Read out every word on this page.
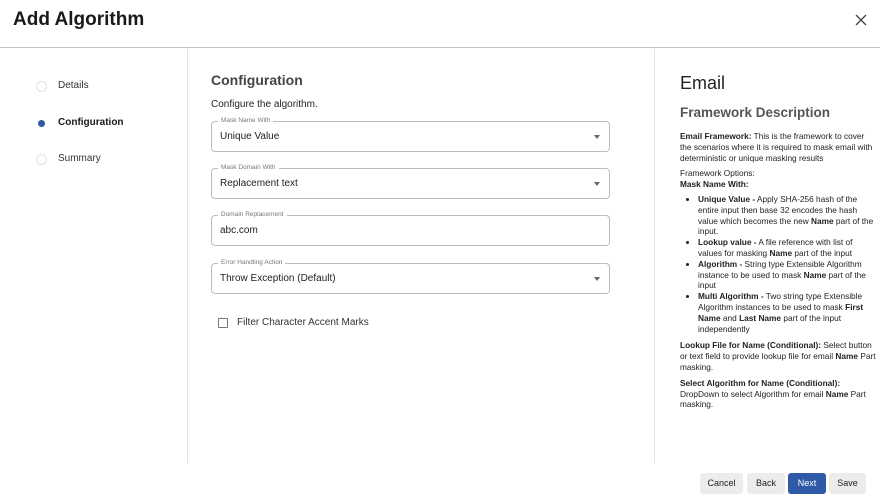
Add Algorithm
Details
Configuration
Summary
Configuration
Configure the algorithm.
Mask Name With
Unique Value
Mask Domain With
Replacement text
Domain Replacement
abc.com
Error Handling Action
Throw Exception (Default)
Filter Character Accent Marks
Email
Framework Description

Email Framework: This is the framework to cover the scenarios where it is required to mask email with deterministic or unique masking results

Framework Options:
Mask Name With:
• Unique Value - Apply SHA-256 hash of the entire input then base 32 encodes the hash value which becomes the new Name part of the input.
• Lookup value - A file reference with list of values for masking Name part of the input
• Algorithm - String type Extensible Algorithm instance to be used to mask Name part of the input
• Multi Algorithm - Two string type Extensible Algorithm instances to be used to mask First Name and Last Name part of the input independently

Lookup File for Name (Conditional): Select button or text field to provide lookup file for email Name Part masking.

Select Algorithm for Name (Conditional): DropDown to select Algorithm for email Name Part masking.

Cancel	Back	Next	Save
